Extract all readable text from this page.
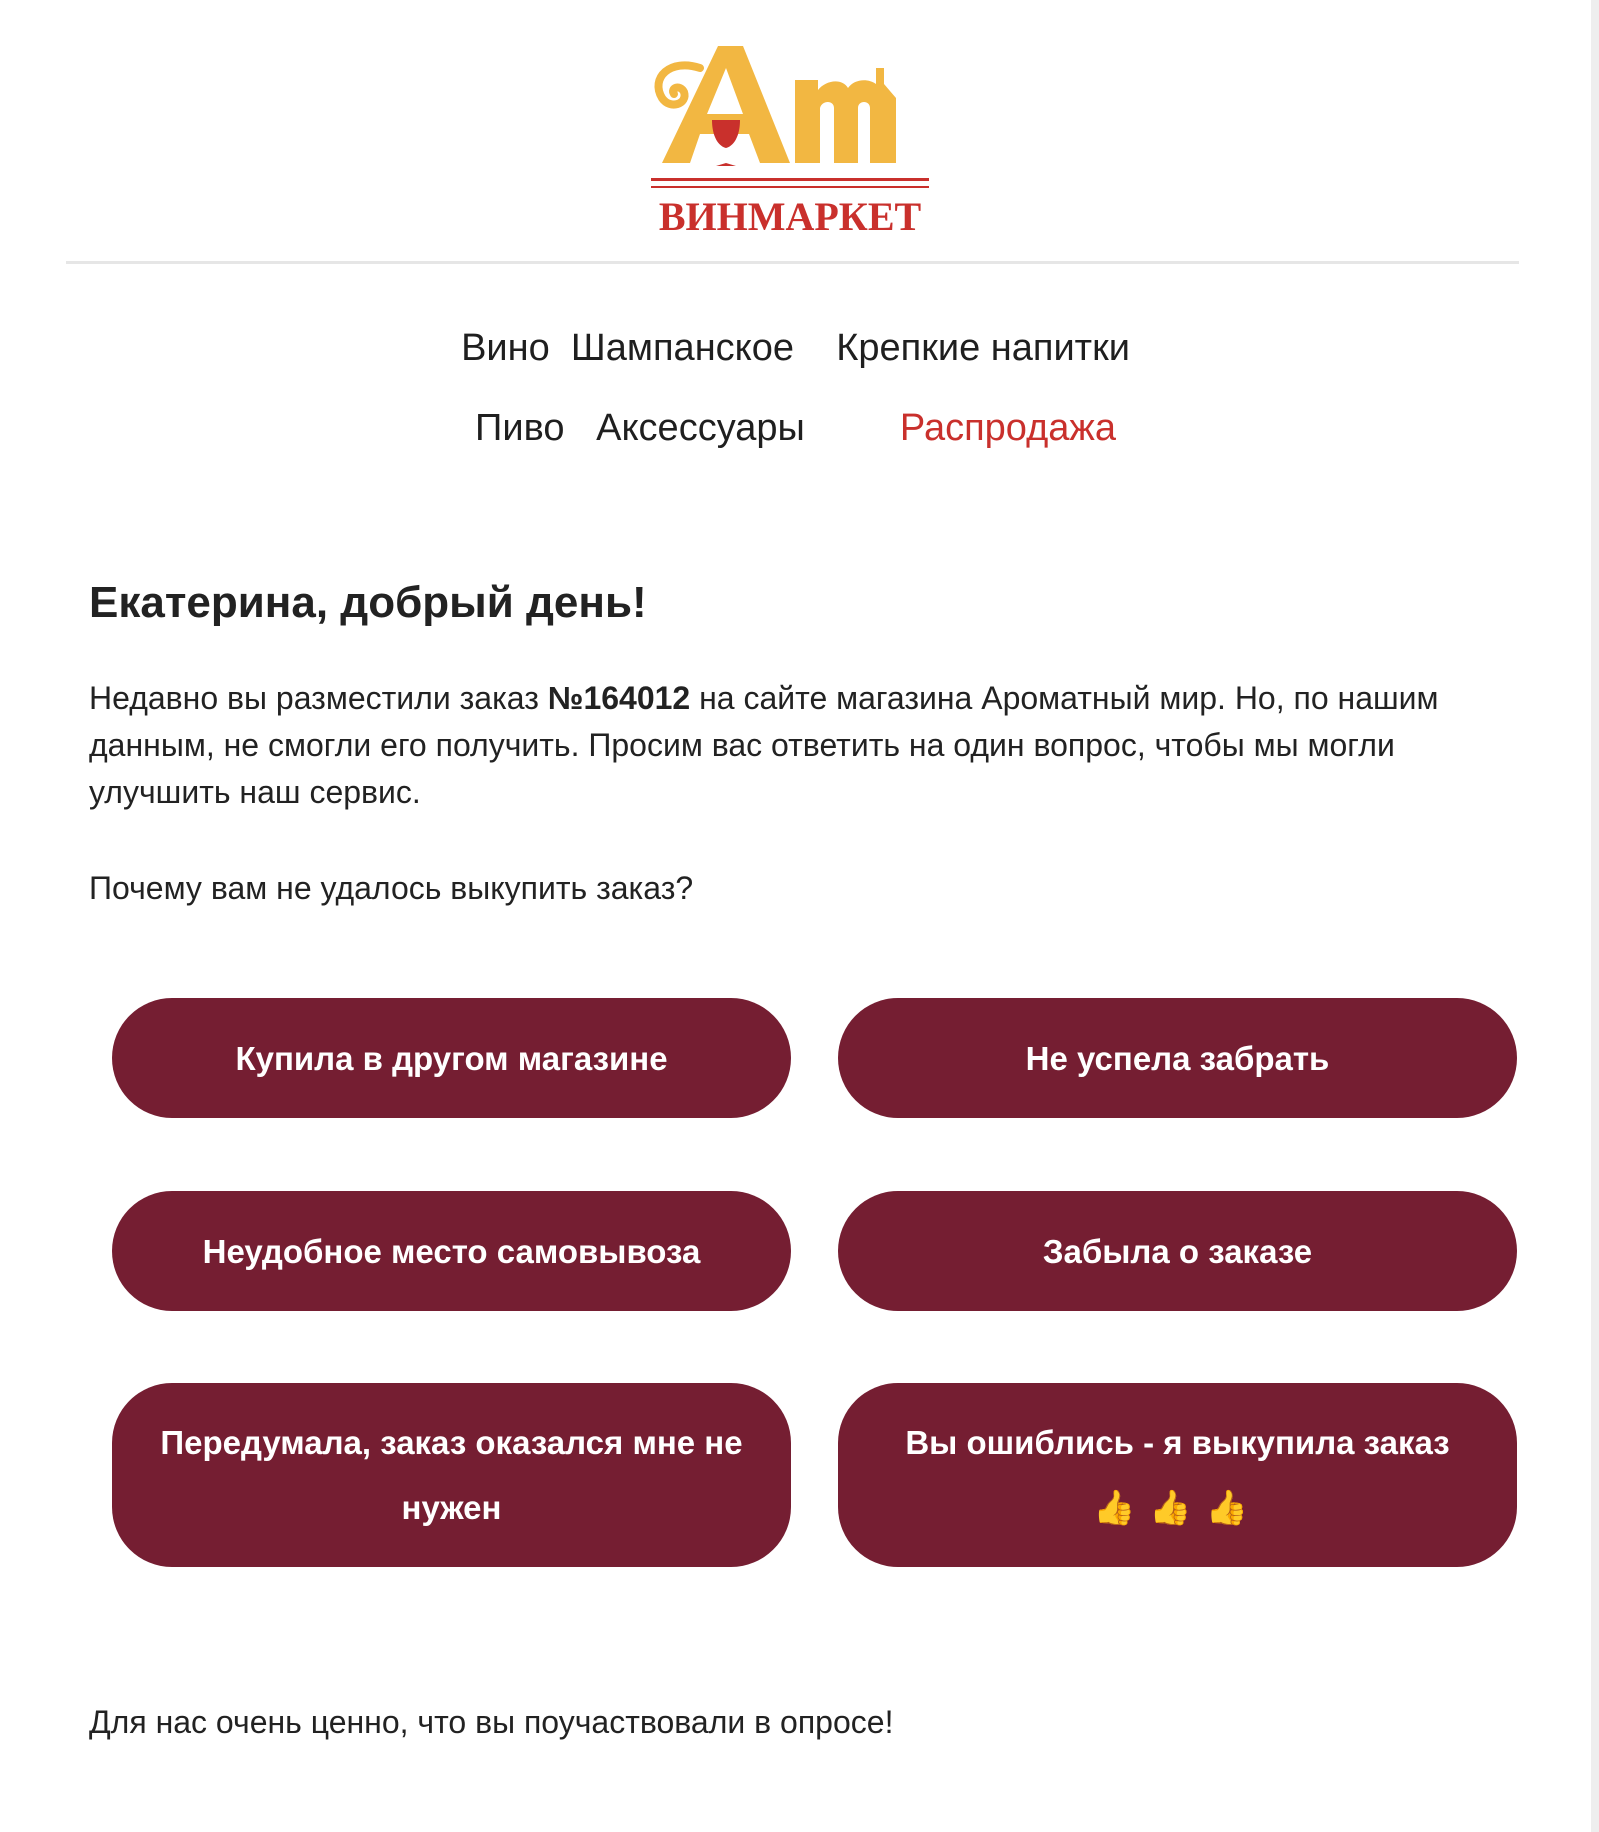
ВИНМАРКЕТ
Вино Шампанское Крепкие напитки
Пиво Аксессуары	Распродажа
Екатерина, добрый день!
Недавно вы разместили заказ №164012 на сайте магазина Ароматный мир. Но, по нашим данным, не смогли его получить. Просим вас ответить на один вопрос, чтобы мы могли улучшить наш сервис.
Почему вам не удалось выкупить заказ?
Купила в другом магазине	Не успела забрать
Неудобное место самовывоза	Забыла о заказе
Передумала, заказ оказался мне не нужен
Вы ошиблись - я выкупила заказ
👍👍👍
Для нас очень ценно, что вы поучаствовали в опросе!
